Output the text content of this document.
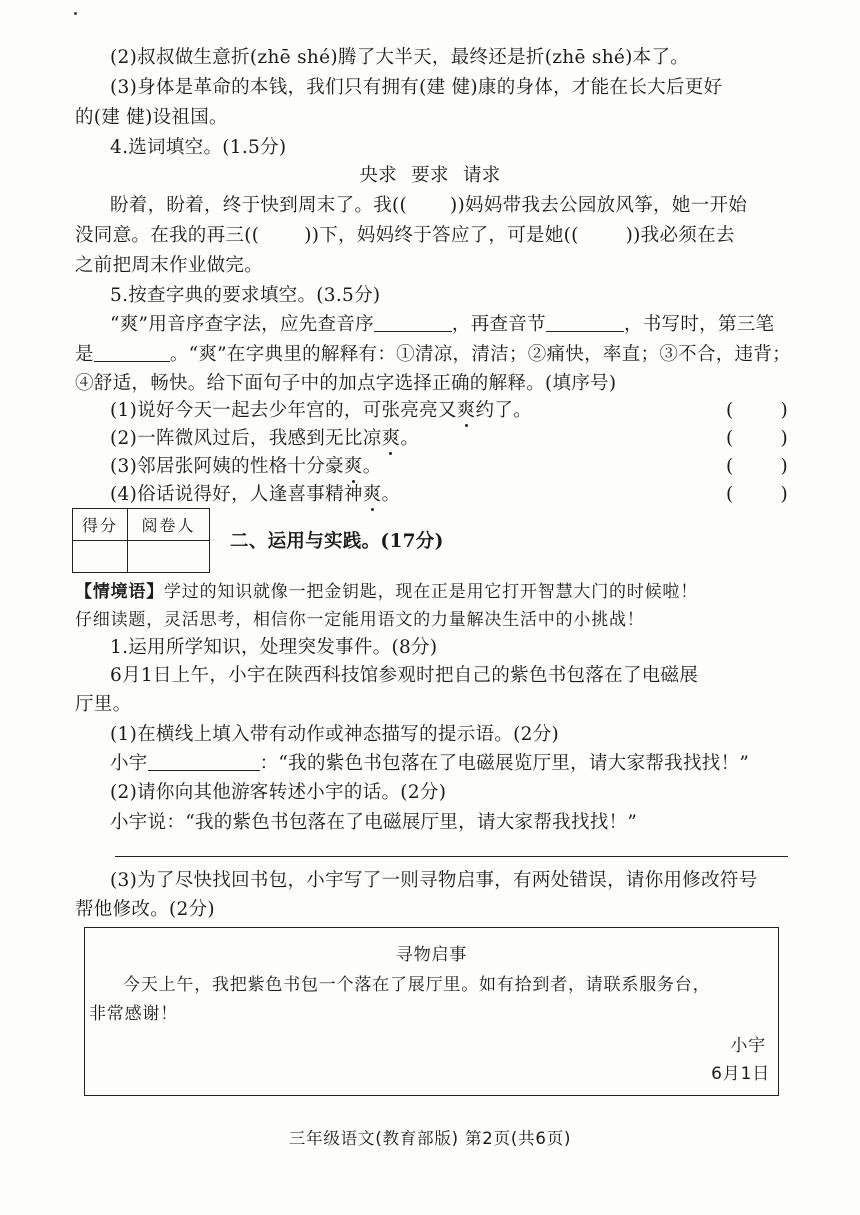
(2)叔叔做生意折(zhē shé)腾了大半天，最终还是折(zhē shé)本了。
(3)身体是革命的本钱，我们只有拥有(建 健)康的身体，才能在长大后更好
的(建 健)设祖国。
4.选词填空。(1.5分)
央求 要求 请求
盼着，盼着，终于快到周末了。我( ( ) )妈妈带我去公园放风筝，她一开始
没同意。在我的再三( ( ) )下，妈妈终于答应了，可是她( (	) )我必须在去
之前把周末作业做完。
5.按查字典的要求填空。(3.5分)
“爽”用音序查字法，应先查音序	，再查音节	，书写时，第三笔
是	。“爽”在字典里的解释有：①清凉，清洁；②痛快，率直；③不合，违背；
④舒适，畅快。给下面句子中的加点字选择正确的解释。(填序号)
(1)说好今天一起去少年宫的，可张亮亮又爽约了。	(	)
(2)一阵微风过后，我感到无比凉爽。	(	)
(3)邻居张阿姨的性格十分豪爽。	(	)
(4)俗话说得好，人逢喜事精神爽。	(	)
得分	阅卷人

二、运用与实践。(17分)
【情境语】学过的知识就像一把金钥匙，现在正是用它打开智慧大门的时候啦！
仔细读题，灵活思考，相信你一定能用语文的力量解决生活中的小挑战！
1.运用所学知识，处理突发事件。(8分)
6月1日上午，小宇在陕西科技馆参观时把自己的紫色书包落在了电磁展
厅里。
(1)在横线上填入带有动作或神态描写的提示语。(2分)
小宇	：“我的紫色书包落在了电磁展览厅里，请大家帮我找找！”
(2)请你向其他游客转述小宇的话。(2分)
小宇说：“我的紫色书包落在了电磁展厅里，请大家帮我找找！”
(3)为了尽快找回书包，小宇写了一则寻物启事，有两处错误，请你用修改符号
帮他修改。(2分)
寻物启事
今天上午，我把紫色书包一个落在了展厅里。如有拾到者，请联系服务台，
非常感谢！
小宇
6月1日
三年级语文(教育部版) 第2页(共6页)
